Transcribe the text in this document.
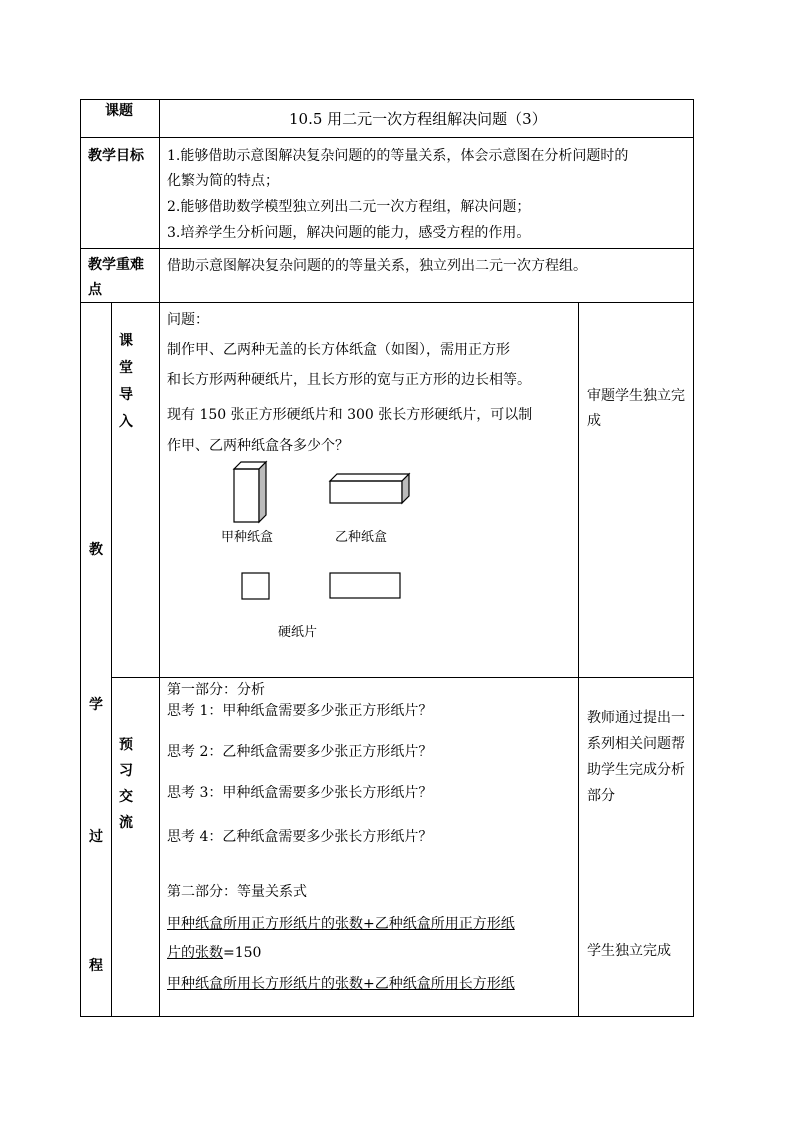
课题	10.5 用二元一次方程组解决问题（3）
教学目标 1.能够借助示意图解决复杂问题的的等量关系，体会示意图在分析问题时的
化繁为简的特点；
2.能够借助数学模型独立列出二元一次方程组，解决问题；
3.培养学生分析问题，解决问题的能力，感受方程的作用。
教学重难
点
借助示意图解决复杂问题的的等量关系，独立列出二元一次方程组。
教
学
过
程
课
堂
导
入
问题：
制作甲、乙两种无盖的长方体纸盒（如图），需用正方形
和长方形两种硬纸片，且长方形的宽与正方形的边长相等。
现有 150 张正方形硬纸片和 300 张长方形硬纸片，可以制
作甲、乙两种纸盒各多少个？
甲种纸盒	乙种纸盒
硬纸片
审题学生独立完
成
预
习
交
流
第一部分：分析
思考 1：甲种纸盒需要多少张正方形纸片？
思考 2：乙种纸盒需要多少张正方形纸片？
思考 3：甲种纸盒需要多少张长方形纸片？
思考 4：乙种纸盒需要多少张长方形纸片？
第二部分：等量关系式
甲种纸盒所用正方形纸片的张数+乙种纸盒所用正方形纸
片的张数=150
甲种纸盒所用长方形纸片的张数+乙种纸盒所用长方形纸
教师通过提出一
系列相关问题帮
助学生完成分析
部分
学生独立完成
